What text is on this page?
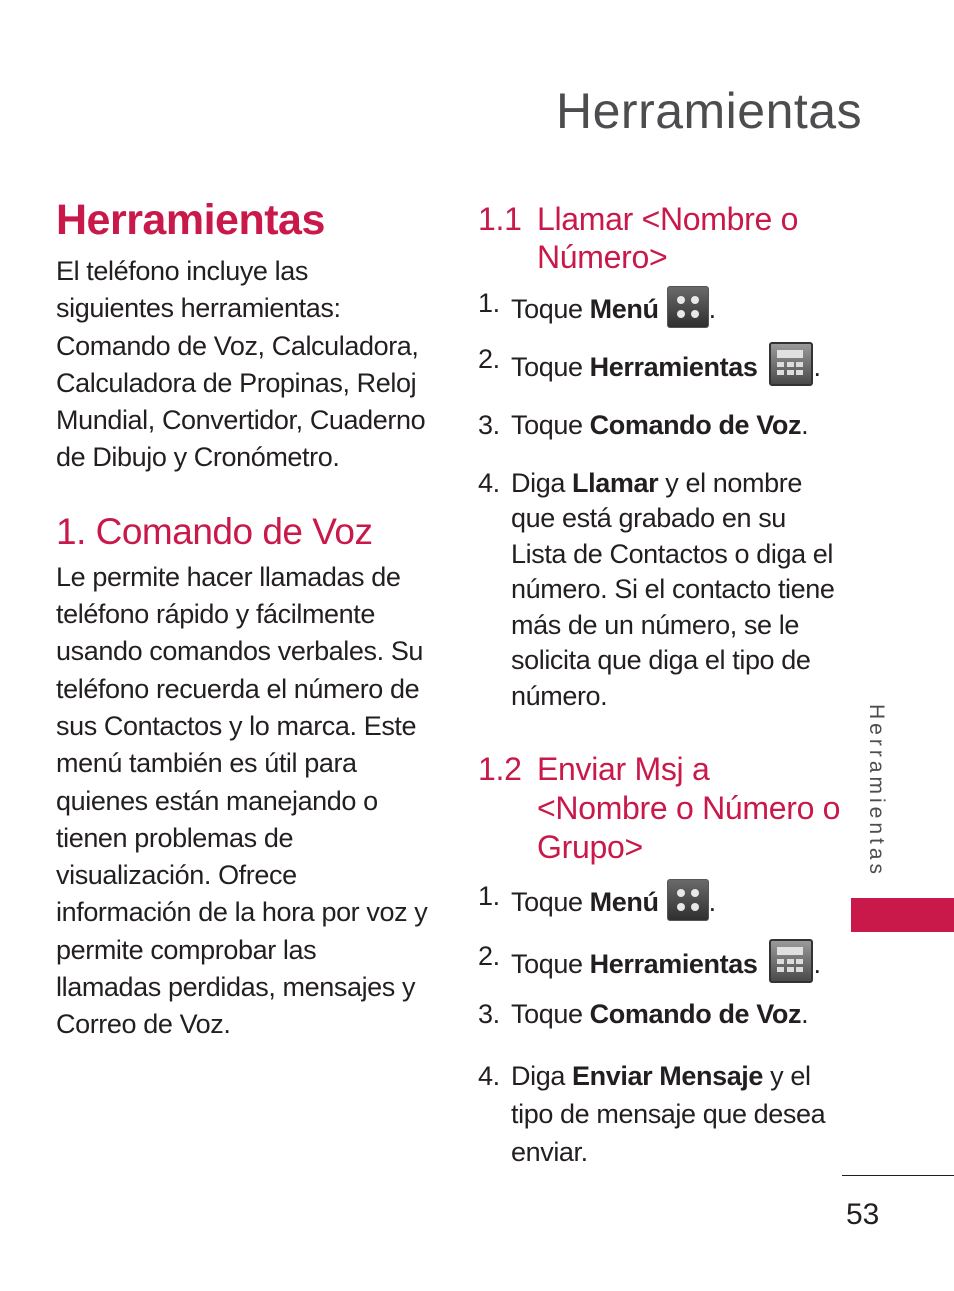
Herramientas
Herramientas
El teléfono incluye las siguientes herramientas: Comando de Voz, Calculadora, Calculadora de Propinas, Reloj Mundial, Convertidor, Cuaderno de Dibujo y Cronómetro.
1. Comando de Voz
Le permite hacer llamadas de teléfono rápido y fácilmente usando comandos verbales. Su teléfono recuerda el número de sus Contactos y lo marca. Este menú también es útil para quienes están manejando o tienen problemas de visualización. Ofrece información de la hora por voz y permite comprobar las llamadas perdidas, mensajes y Correo de Voz.
1.1 Llamar <Nombre o Número>
1. Toque Menú .
2. Toque Herramientas .
3. Toque Comando de Voz.
4. Diga Llamar y el nombre que está grabado en su Lista de Contactos o diga el número. Si el contacto tiene más de un número, se le solicita que diga el tipo de número.
1.2 Enviar Msj a <Nombre o Número o Grupo>
1. Toque Menú .
2. Toque Herramientas .
3. Toque Comando de Voz.
4. Diga Enviar Mensaje y el tipo de mensaje que desea enviar.
Herramientas
53
